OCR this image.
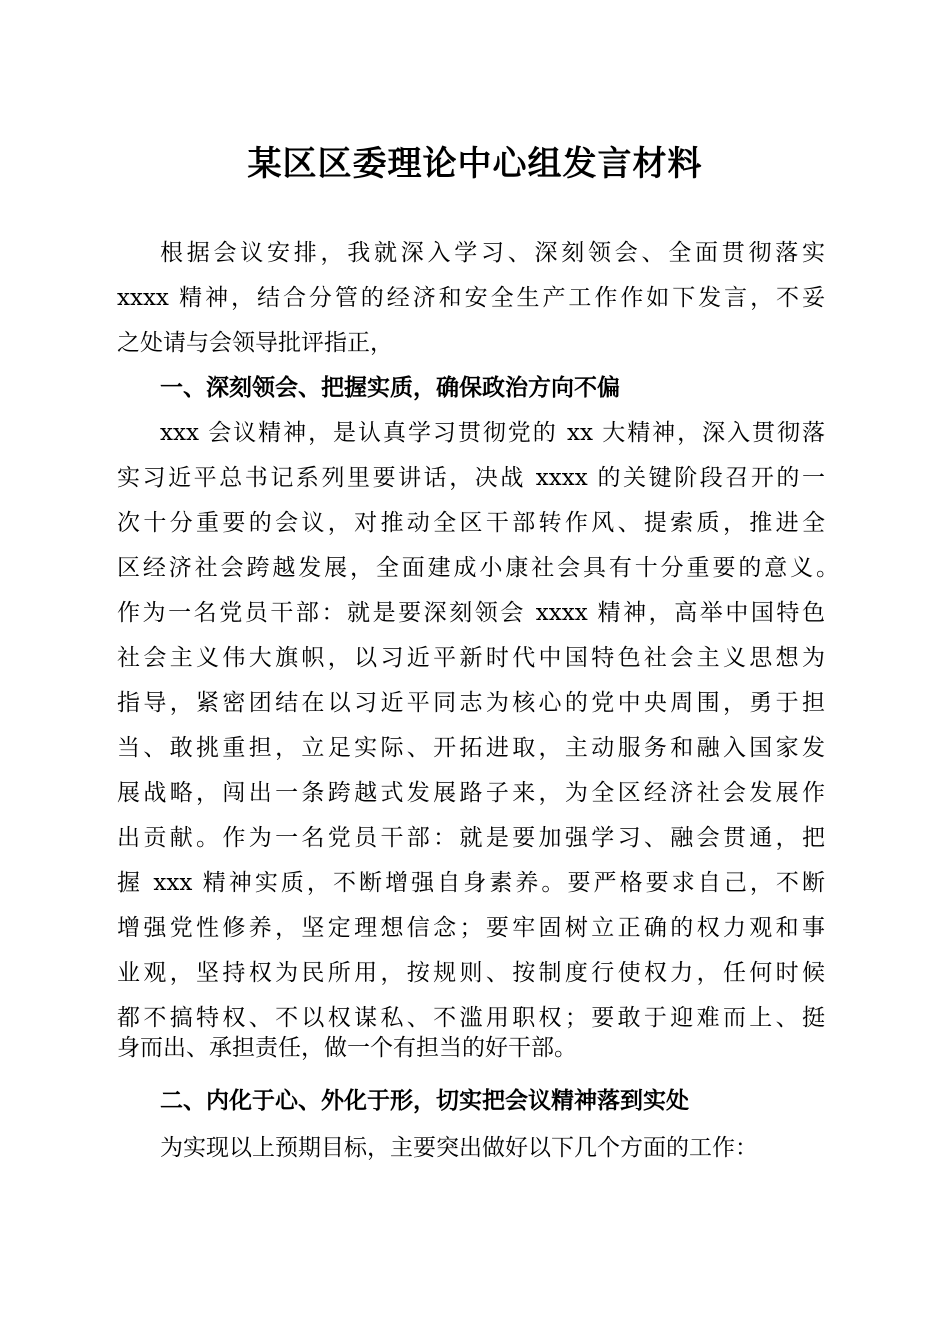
某区区委理论中心组发言材料
根据会议安排，我就深入学习、深刻领会、全面贯彻落实
xxxx 精神，结合分管的经济和安全生产工作作如下发言，不妥
之处请与会领导批评指正，
一、深刻领会、把握实质，确保政治方向不偏
xxx 会议精神，是认真学习贯彻党的 xx 大精神，深入贯彻落
实习近平总书记系列里要讲话，决战 xxxx 的关键阶段召开的一
次十分重要的会议，对推动全区干部转作风、提索质，推进全
区经济社会跨越发展，全面建成小康社会具有十分重要的意义。
作为一名党员干部：就是要深刻领会 xxxx 精神，高举中国特色
社会主义伟大旗帜，以习近平新时代中国特色社会主义思想为
指导，紧密团结在以习近平同志为核心的党中央周围，勇于担
当、敢挑重担，立足实际、开拓进取，主动服务和融入国家发
展战略，闯出一条跨越式发展路子来，为全区经济社会发展作
出贡献。作为一名党员干部：就是要加强学习、融会贯通，把
握 xxx 精神实质，不断增强自身素养。要严格要求自己，不断
增强党性修养，坚定理想信念；要牢固树立正确的权力观和事
业观，坚持权为民所用，按规则、按制度行使权力，任何时候
都不搞特权、不以权谋私、不滥用职权；要敢于迎难而上、挺
身而出、承担责任，做一个有担当的好干部。
二、内化于心、外化于形，切实把会议精神落到实处
为实现以上预期目标，主要突出做好以下几个方面的工作：
